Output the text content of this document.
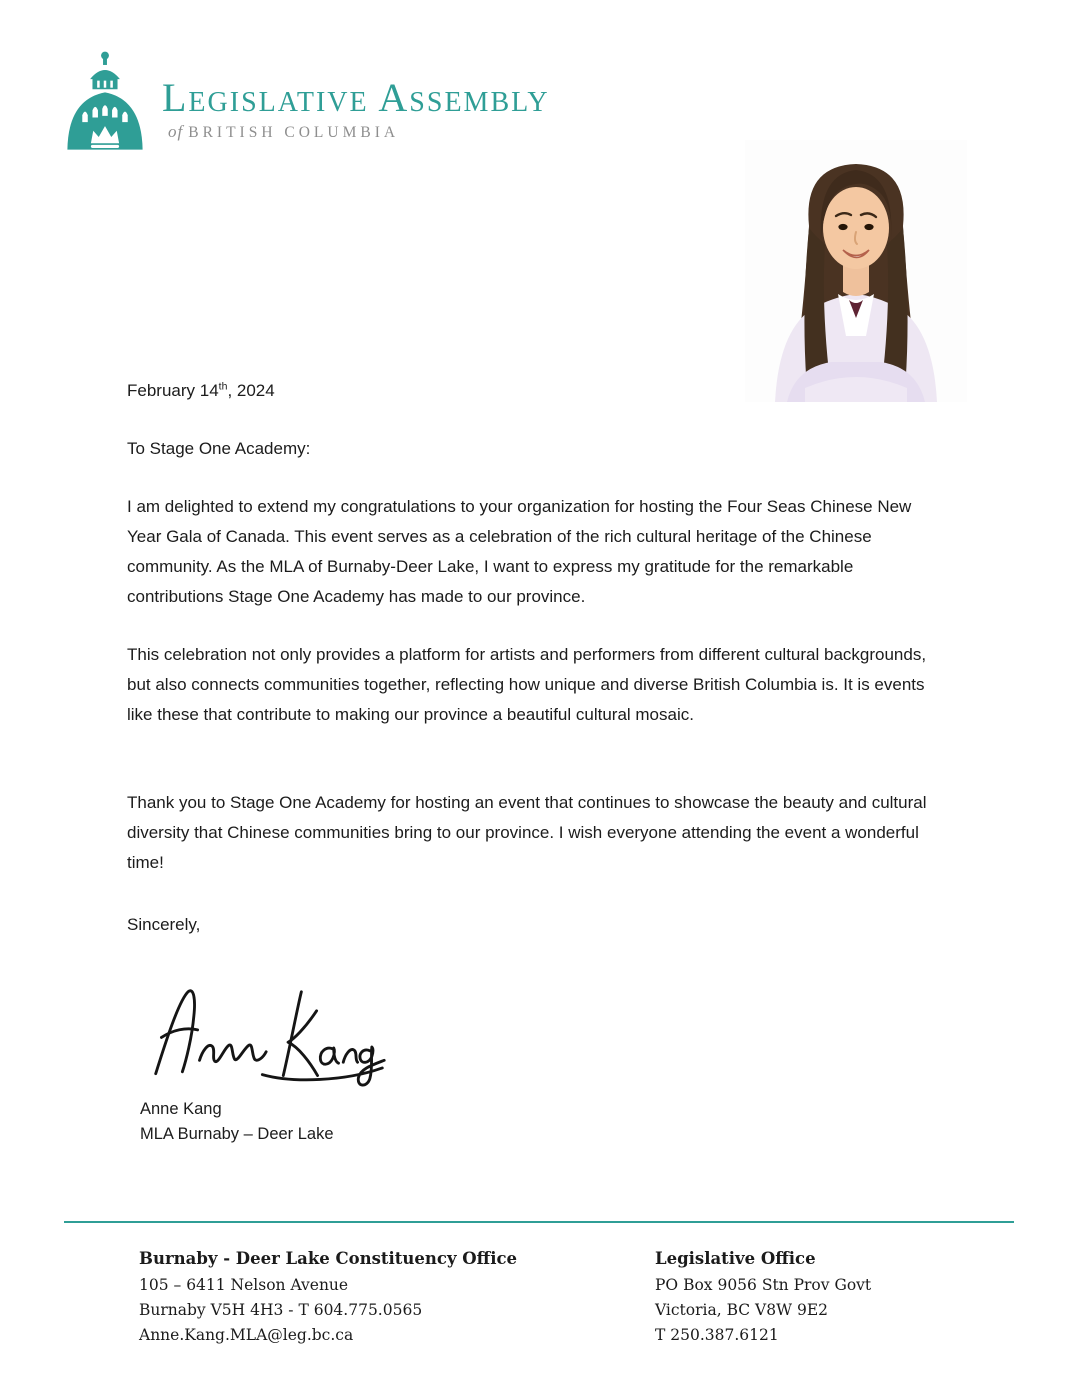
Legislative Assembly
of BRITISH COLUMBIA

February 14th, 2024

To Stage One Academy:

I am delighted to extend my congratulations to your organization for hosting the Four Seas Chinese New Year Gala of Canada. This event serves as a celebration of the rich cultural heritage of the Chinese community. As the MLA of Burnaby-Deer Lake, I want to express my gratitude for the remarkable contributions Stage One Academy has made to our province.

This celebration not only provides a platform for artists and performers from different cultural backgrounds, but also connects communities together, reflecting how unique and diverse British Columbia is. It is events like these that contribute to making our province a beautiful cultural mosaic.

Thank you to Stage One Academy for hosting an event that continues to showcase the beauty and cultural diversity that Chinese communities bring to our province. I wish everyone attending the event a wonderful time!

Sincerely,

Anne Kang
MLA Burnaby – Deer Lake
Burnaby - Deer Lake Constituency Office
105 – 6411 Nelson Avenue
Burnaby V5H 4H3 - T 604.775.0565
Anne.Kang.MLA@leg.bc.ca
Legislative Office
PO Box 9056 Stn Prov Govt
Victoria, BC V8W 9E2
T 250.387.6121
